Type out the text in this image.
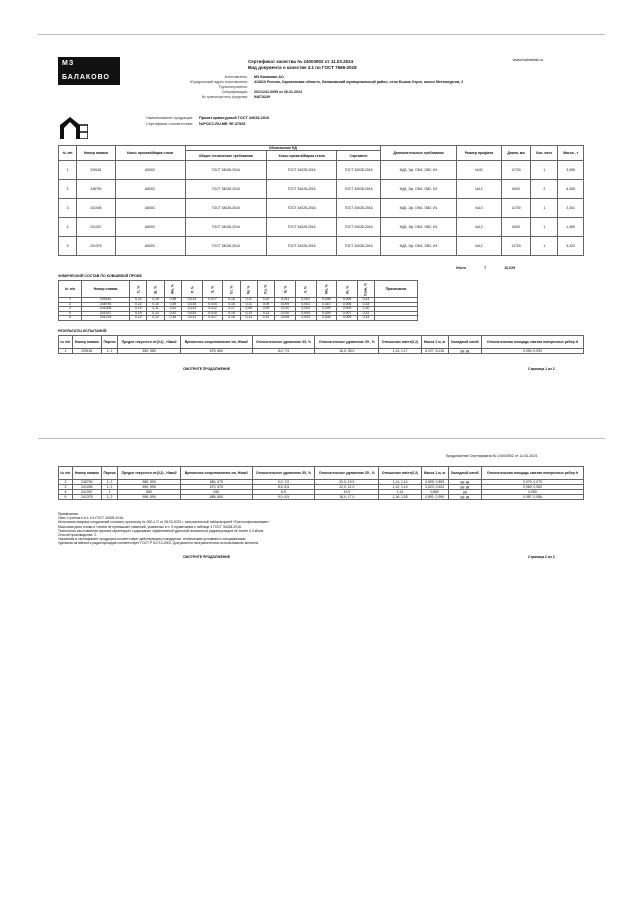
МЗ
БАЛАКОВО
www.balmetall.ru
Сертификат качества № 24003902 от 11.03.2024
Вид документа о качестве 3.1 по ГОСТ 7566-2018
Изготовитель:	МЗ Балаково АО
Юридический адрес изготовителя:	413810 Россия, Саратовская область, Балаковский муниципальный район, село Быков Отрог, шоссе Металлургов, 2
Грузополучатель:
Спецификация:	201/1241-0059 от 26.01.2024
№ транспортного средства:	94674239
Наименование продукции:	Прокат арматурный ГОСТ 34028-2016
Сертификат соответствия:	№РОСС.RU.МЕ.ЧЕ.37925
№ п/п	Номер плавки	Класс проката/Марка стали	Обозначение НД			Дополнительные требования	Размер профиля	Длина, мм	Кол. мест	Масса , т
			Общие технические требования	Класс проката/Марка стали	Сортамент					
1	239181	А500С	ГОСТ 34028-2016	ГОСТ 34028-2016	ГОСТ 34028-2016	МД1, 2ф, ОМ1, ОВ2, И1	№32	11700	1	3,498
2	248790	А500С	ГОСТ 34028-2016	ГОСТ 34028-2016	ГОСТ 34028-2016	МД1, 2ф, ОМ1, ОВ2, И1	№12	6000	2	6,308
3	241006	А500С	ГОСТ 34028-2016	ГОСТ 34028-2016	ГОСТ 34028-2016	МД1, 2ф, ОМ1, ОВ2, И1	№10	11700	1	2,341
4	241337	А500С	ГОСТ 34028-2016	ГОСТ 34028-2016	ГОСТ 34028-2016	МД1, 2ф, ОМ1, ОВ2, И1	№12	6000	1	1,469
5	241378	А500С	ГОСТ 34028-2016	ГОСТ 34028-2016	ГОСТ 34028-2016	МД1, 2ф, ОМ1, ОВ2, И1	№12	11700	1	3,423
Итого	7	16,029
ХИМИЧЕСКИЙ СОСТАВ ПО КОВШЕВОЙ ПРОБЕ
№ п/п	Номер плавки	C, %	Si, %	Mn, %	P, %	S, %	Cr, %	Ni, %	Cu, %	N, %	V, %	Mo, %	Al, %	Cэкв, %	Примечание
1	239181	0,22	0,15	0,98	0,014	0,017	0,16	0,11	0,10	0,011	0,002	0,008	0,005	0,43	
2	248790	0,22	0,10	0,39	0,018	0,015	0,16	0,11	0,09	0,009	0,003	0,010	0,006	0,33	
3	241006	0,19	0,11	0,41	0,014	0,012	0,17	0,08	0,09	0,010	0,003	0,009	0,003	0,30	
4	241337	0,19	0,12	0,42	0,020	0,015	0,18	0,13	0,11	0,010	0,004	0,009	0,007	0,31	
5	241378	0,22	0,12	0,39	0,013	0,017	0,15	0,13	0,10	0,009	0,003	0,008	0,005	0,43	
РЕЗУЛЬТАТЫ ИСПЫТАНИЙ
№ п/п	Номер плавки	Партия	Предел текучести σт(0,2) , Н/мм2	Временное сопротивление σв, Н/мм2	Относительное удлинение δ5, %	Относительное удлинение δ5 , %	Отношение σв/σт(0,2)	Масса 1 м, кг	Холодный изгиб	Относительная площадь смятия поперечных ребер fr
1	239181	1; 2	590; 580	675; 660	8,0; 7,5	16,0; 35,0	1,14; 1,17	6,227; 6,216	уд; уд	0,090; 0,093
СМОТРИТЕ ПРОДОЛЖЕНИЕ	Страница 1 из 2
Продолжение Сертификата № 24003902 от 11.03.2024
№ п/п	Номер плавки	Партия	Предел текучести σт(0,2) , Н/мм2	Временное сопротивление σв, Н/мм2	Относительное удлинение δ5, %	Относительное удлинение δ5 , %	Отношение σв/σт(0,2)	Масса 1 м, кг	Холодный изгиб	Относительная площадь смятия поперечных ребер fr
2	248790	1; 2	585; 590	680; 675	9,0; 7,0	20,0; 19,5	1,14; 1,14	0,899; 0,893	уд; уд	0,075; 0,079
3	241006	1; 2	590; 595	670; 675	8,5; 8,5	22,0; 21,0	1,12; 1,13	0,623; 0,624	уд; уд	0,069; 0,083
4	241337	1	580	640	8,5	19,5	1,14	0,880	уд	0,080
5	241378	1; 2	595; 590	685; 660	9,0; 8,5	18,0; 17,0	1,16; 1,18	0,891; 0,900	уд; уд	0,087; 0,086
Примечания:
Свес с учетом п.6.1.4.4 ГОСТ 34028-2016.
Испытания сварных соединений согласно протоколу № 900-1-П от 28.03.2023 г. испытательной лабораторией «Трестсофиоскинами».
Массовая доля олова и титана не превышает значений, указанных в п. 5 примечания к таблице 4 ГОСТ 34028-2016.
Технология изготовления проката гарантирует содержание эффективной удельной активности радионуклидов не более 0,3 кБк/кг.
Способ производства: 2.
Указанная в сертификате продукция соответствует действующим стандартам, техническим условиям и спецификации.
Удельная активность радионуклидов соответствует ГОСТ Р 51713-2001. Допускается неограниченное использование металла
СМОТРИТЕ ПРОДОЛЖЕНИЕ	Страница 2 из 2
